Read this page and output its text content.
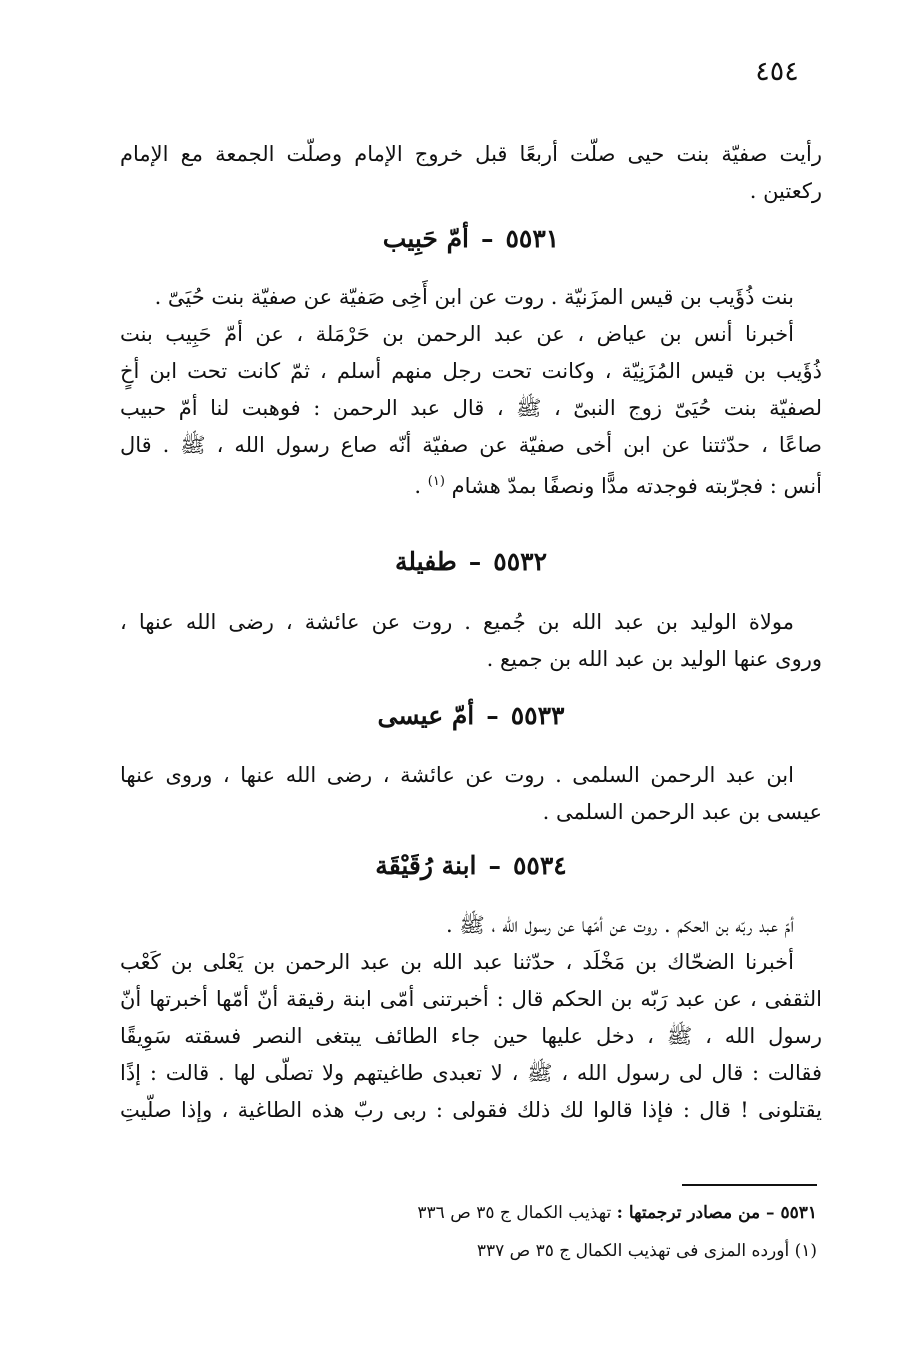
٤٥٤
رأيت صفيّة بنت حيى صلّت أربعًا قبل خروج الإمام وصلّت الجمعة مع الإمام
ركعتين .
٥٥٣١–أمّ حَبِيب
بنت ذُؤَيب بن قيس المزَنيّة . روت عن ابن أَخِى صَفيّة عن صفيّة بنت حُيَىّ .
أخبرنا أنس بن عياض ، عن عبد الرحمن بن حَرْمَلة ، عن أمّ حَبِيب بنت
ذُؤَيب بن قيس المُزَنِيّة ، وكانت تحت رجل منهم أسلم ، ثمّ كانت تحت ابن أخٍ
لصفيّة بنت حُيَىّ زوج النبىّ ، ﷺ ، قال عبد الرحمن : فوهبت لنا أمّ حبيب
صاعًا ، حدّثتنا عن ابن أخى صفيّة عن صفيّة أنّه صاع رسول الله ، ﷺ . قال
أنس : فجرّبته فوجدته مدًّا ونصفًا بمدّ هشام $^{(١)}$ .
٥٥٣٢–طفيلة
مولاة الوليد بن عبد الله بن جُميع . روت عن عائشة ، رضى الله عنها ،
وروى عنها الوليد بن عبد الله بن جميع .
٥٥٣٣–أمّ عيسى
ابن عبد الرحمن السلمى . روت عن عائشة ، رضى الله عنها ، وروى عنها
عيسى بن عبد الرحمن السلمى .
٥٥٣٤–ابنة رُقَيْقَة
أمّ عبد ربّه بن الحكم . روت عن أمّها عن رسول الله ، ﷺ .
أخبرنا الضحّاك بن مَخْلَد ، حدّثنا عبد الله بن عبد الرحمن بن يَعْلى بن كَعْب
الثقفى ، عن عبد رَبّه بن الحكم قال : أخبرتنى أمّى ابنة رقيقة أنّ أمّها أخبرتها أنّ
رسول الله ، ﷺ ، دخل عليها حين جاء الطائف يبتغى النصر فسقته سَوِيقًا
فقالت : قال لى رسول الله ، ﷺ ، لا تعبدى طاغيتهم ولا تصلّى لها . قالت : إذًا
يقتلونى ! قال : فإذا قالوا لك ذلك فقولى : ربى ربّ هذه الطاغية ، وإذا صلّيتِ
٥٥٣١ – من مصادر ترجمتها : تهذيب الكمال ج ٣٥ ص ٣٣٦
(١) أورده المزى فى تهذيب الكمال ج ٣٥ ص ٣٣٧
